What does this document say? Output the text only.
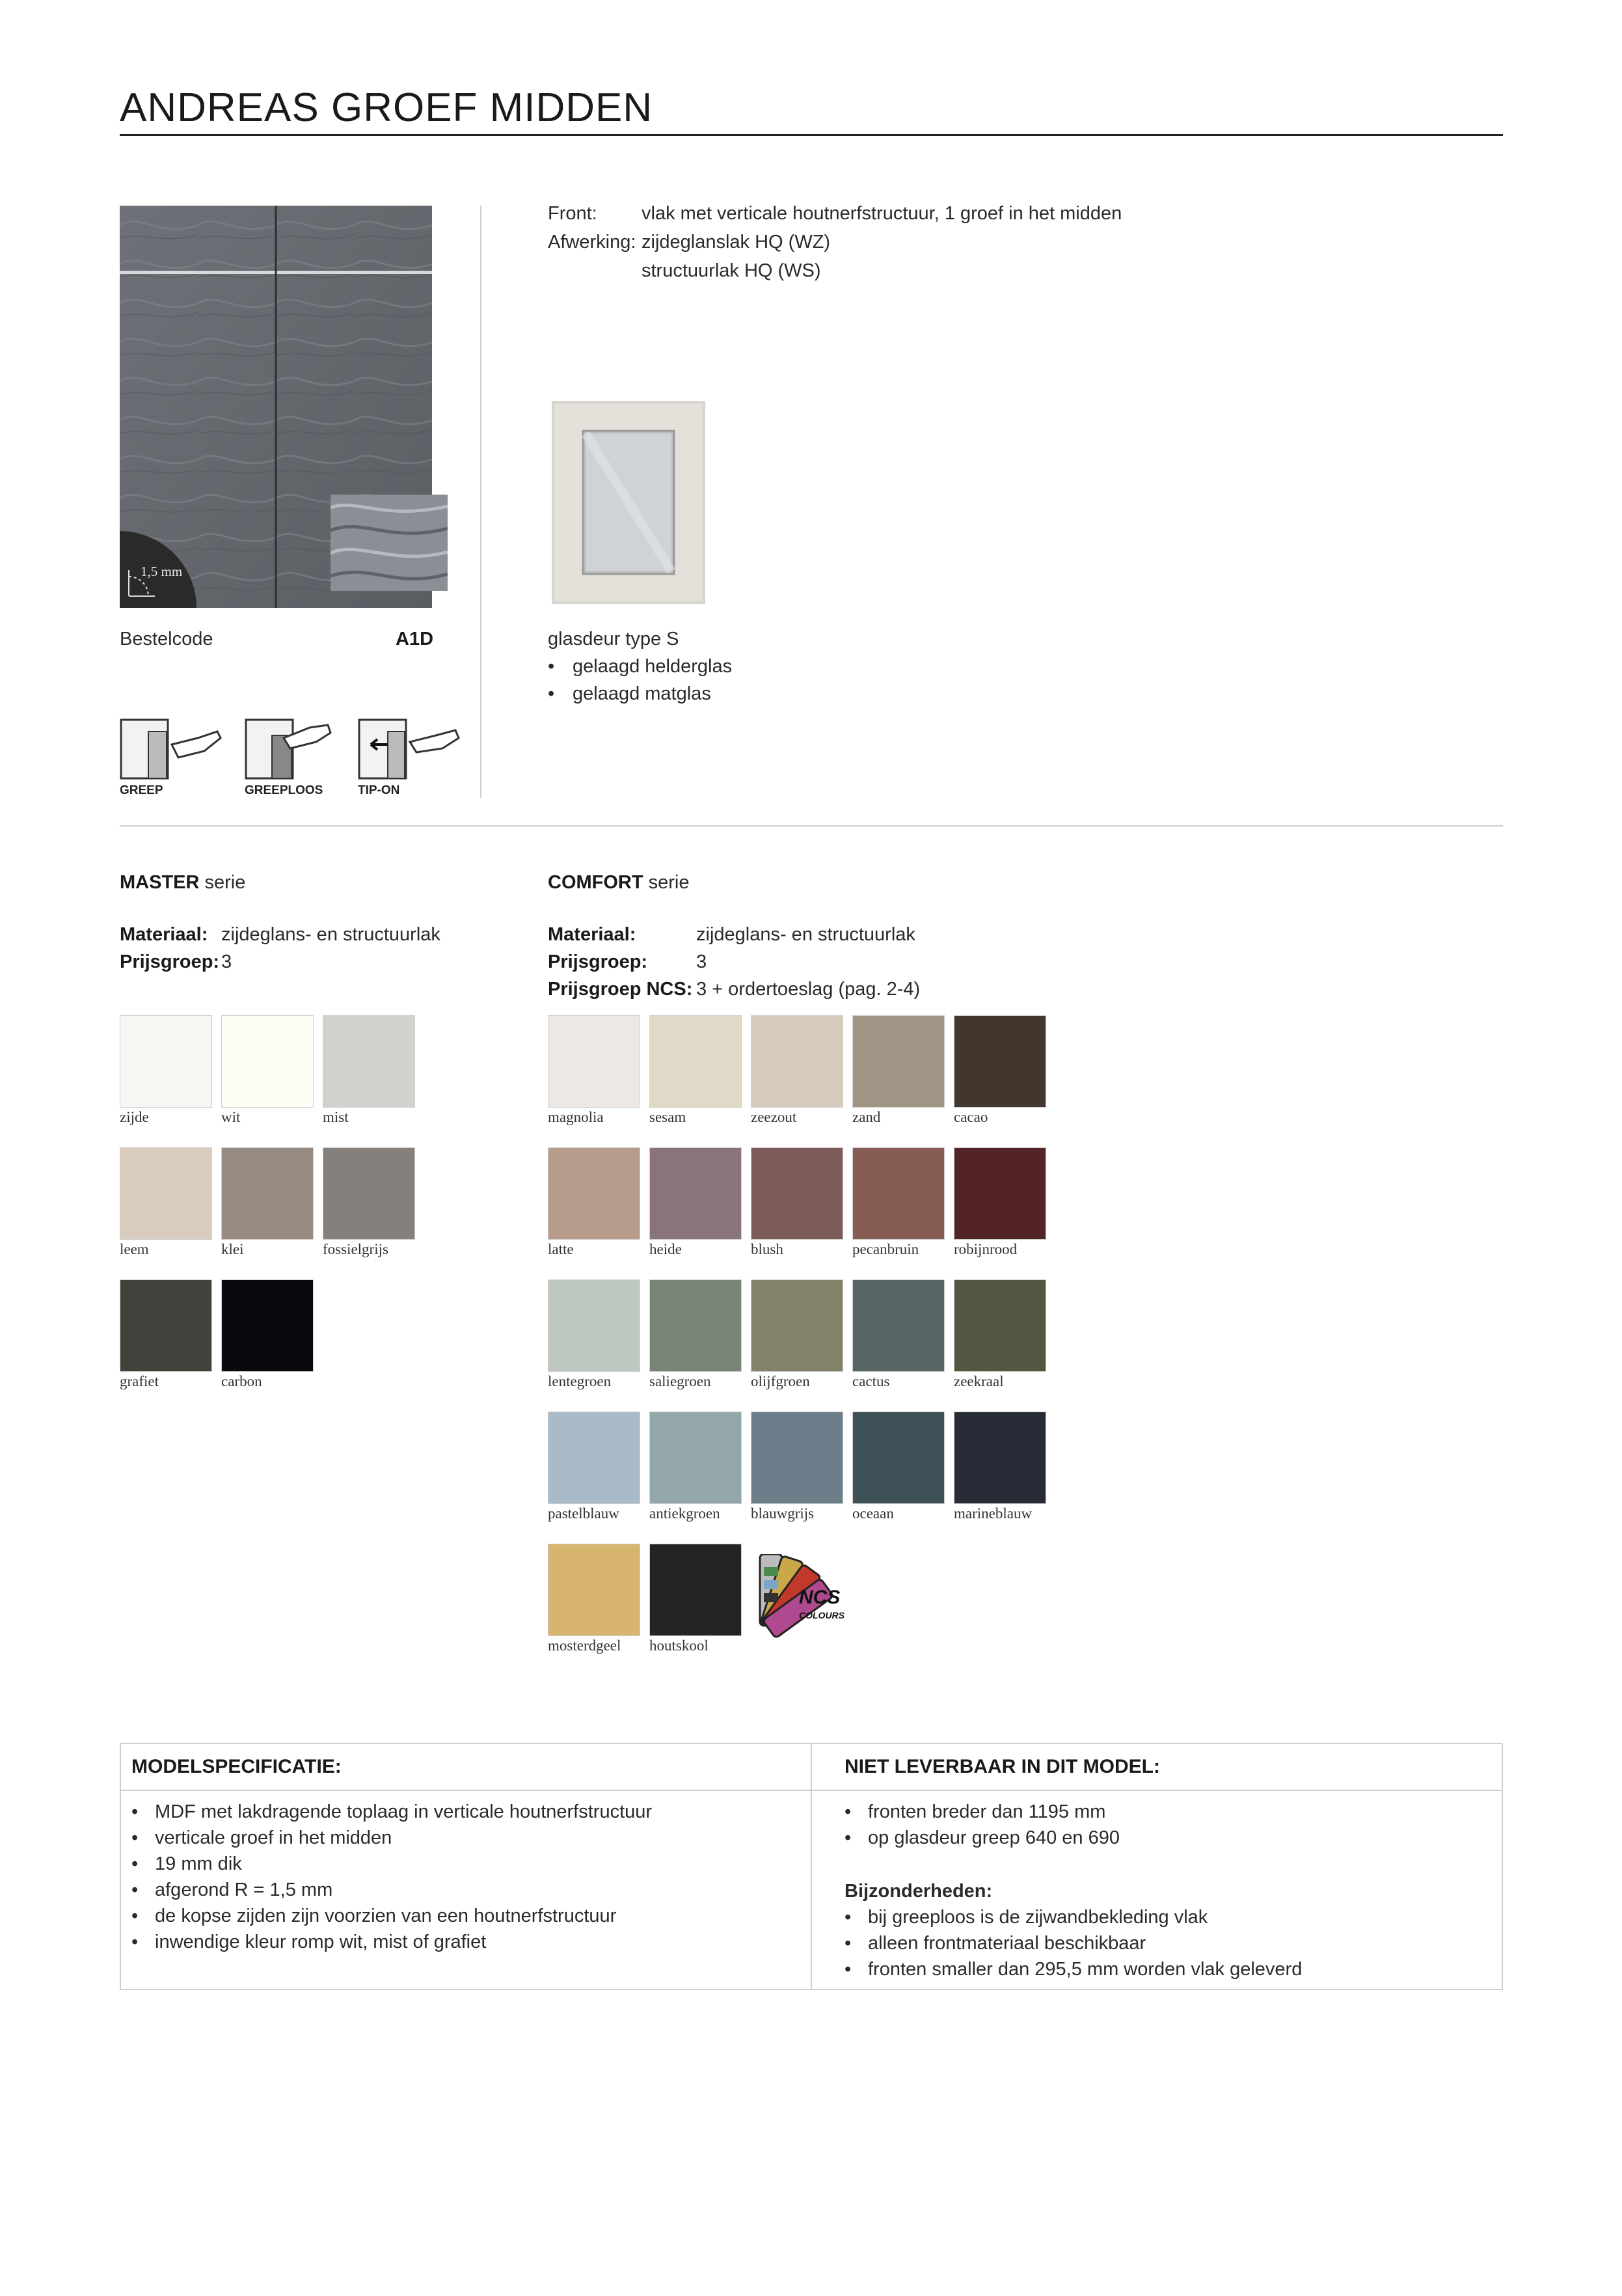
ANDREAS GROEF MIDDEN
1,5 mm
Bestelcode	A1D
GREEP	GREEPLOOS	TIP-ON
Front: vlak met verticale houtnerfstructuur, 1 groef in het midden
Afwerking: zijdeglanslak HQ (WZ)
structuurlak HQ (WS)
glasdeur type S
• gelaagd helderglas
• gelaagd matglas
MASTER serie
Materiaal: zijdeglans- en structuurlak
Prijsgroep: 3
zijde	wit	mist
leem	klei	fossielgrijs
grafiet	carbon
COMFORT serie
Materiaal:	zijdeglans- en structuurlak
Prijsgroep:	3
Prijsgroep NCS: 3 + ordertoeslag (pag. 2-4)
magnolia	sesam	zeezout	zand	cacao
latte	heide	blush	pecanbruin robijnrood
lentegroen	saliegroen	olijfgroen	cactus	zeekraal
pastelblauw antiekgroen blauwgrijs	oceaan	marineblauw
mosterdgeel houtskool
NCS
COLOURS
MODELSPECIFICATIE:	NIET LEVERBAAR IN DIT MODEL:
• MDF met lakdragende toplaag in verticale houtnerfstructuur
• verticale groef in het midden
• 19 mm dik
• afgerond R = 1,5 mm
• de kopse zijden zijn voorzien van een houtnerfstructuur
• inwendige kleur romp wit, mist of grafiet
• fronten breder dan 1195 mm
• op glasdeur greep 640 en 690
Bijzonderheden:
• bij greeploos is de zijwandbekleding vlak
• alleen frontmateriaal beschikbaar
• fronten smaller dan 295,5 mm worden vlak geleverd
